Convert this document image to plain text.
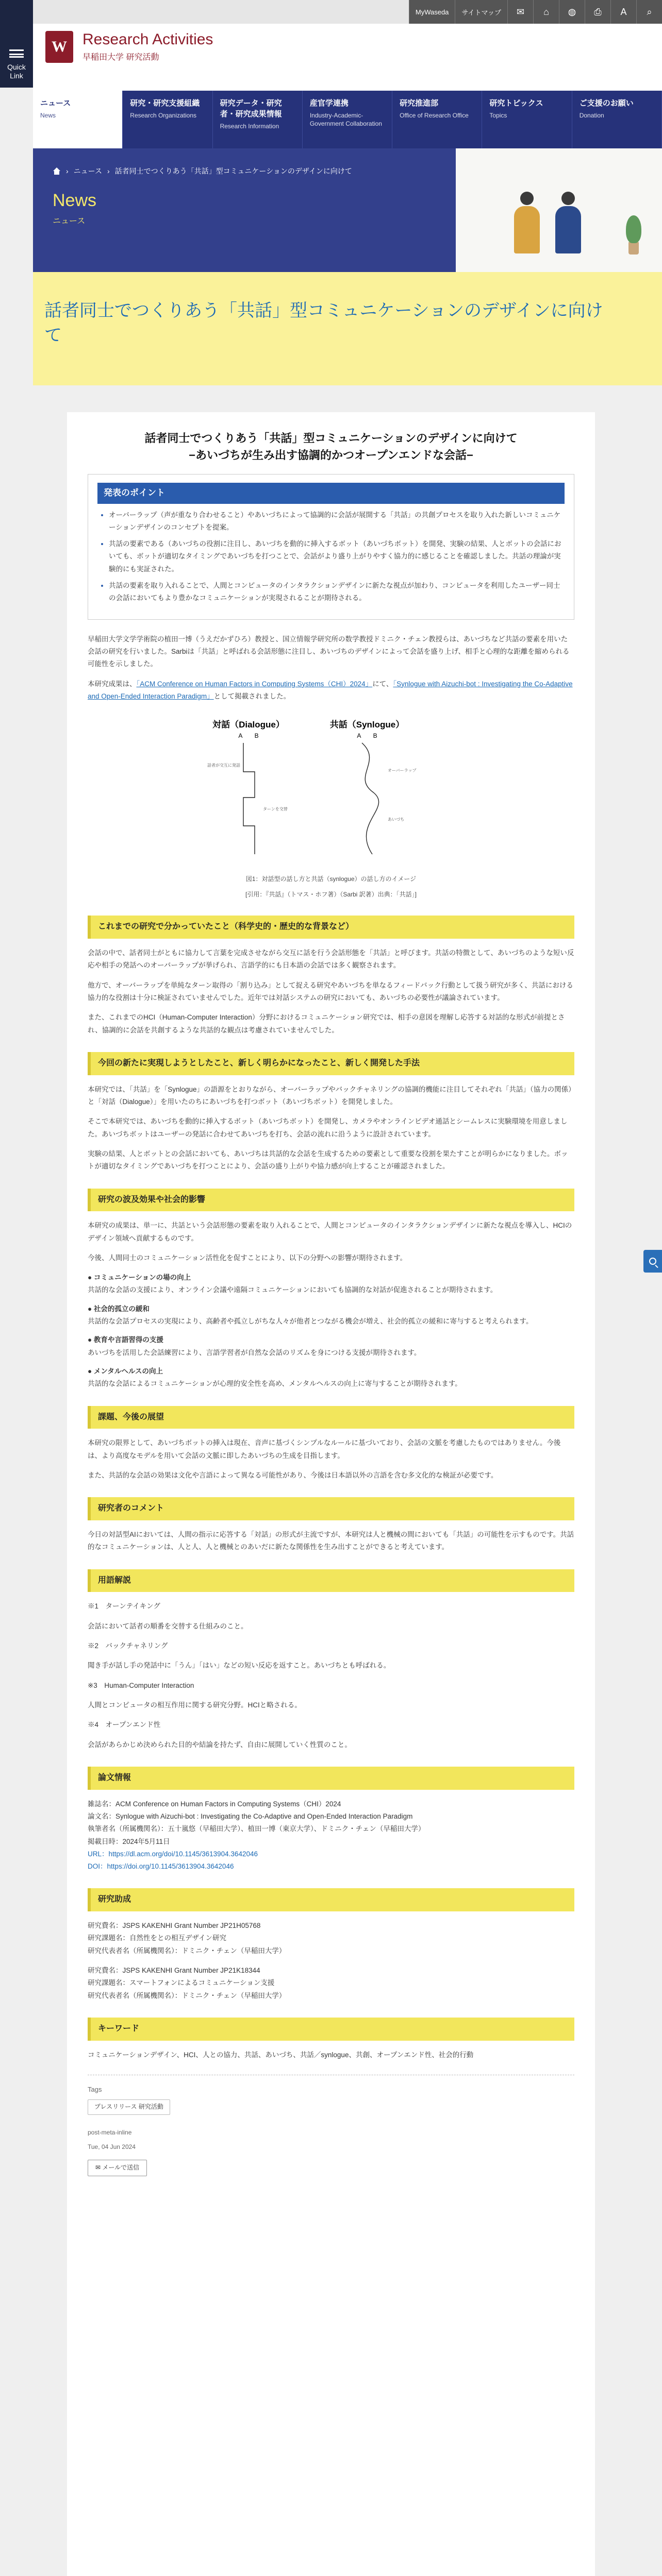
MyWaseda	サイトマップ	✉	⌂	◍	⎙	A	⌕
Quick
Link
W	Research Activities
早稲田大学 研究活動
ニュース
News
研究・研究支援組織
Research Organizations
研究データ・研究者・研究成果情報
Research Information
産官学連携
Industry-Academic-Government Collaboration
研究推進部
Office of Research Office
研究トピックス
Topics
ご支援のお願い
Donation
› ニュース › 話者同士でつくりあう「共話」型コミュニケーションのデザインに向けて
News
ニュース
話者同士でつくりあう「共話」型コミュニケーションのデザインに向けて
話者同士でつくりあう「共話」型コミュニケーションのデザインに向けて
−あいづちが生み出す協調的かつオープンエンドな会話−
発表のポイント
• オーバーラップ（声が重なり合わせること）やあいづちによって協調的に会話が展開する「共話」の共創プロセスを取り入れた新しいコミュニケーションデザインのコンセプトを提案。
• 共話の要素である（あいづちの役割に注目し、あいづちを動的に挿入するボット（あいづちボット）を開発、実験の結果、人とボットの会話においても、ボットが適切なタイミングであいづちを打つことで、会話がより盛り上がりやすく協力的に感じることを確認しました。共話の理論が実験的にも実証された。
• 共話の要素を取り入れることで、人間とコンピュータのインタラクションデザインに新たな視点が加わり、コンピュータを利用したユーザー同士の会話においてもより豊かなコミュニケーションが実現されることが期待される。

早稲田大学文学学術院の植田一博（うえだかずひろ）教授と、国立情報学研究所の数学教授ドミニク・チェン教授らは、あいづちなど共話の要素を用いた会話の研究を行いました。Sarbiは「共話」と呼ばれる会話形態に注目し、あいづちのデザインによって会話を盛り上げ、相手と心理的な距離を縮められる可能性を示しました。

本研究成果は、「ACM Conference on Human Factors in Computing Systems（CHI）2024」にて、「Synlogue with Aizuchi-bot : Investigating the Co-Adaptive and Open-Ended Interaction Paradigm」として掲載されました。

対話（Dialogue）	共話（Synlogue）
A　　B	A　　B
話者が交互に発話
ターンを交替
オーバーラップ
あいづち
図1：対話型の話し方と共話（synlogue）の話し方のイメージ
[引用：『共話』（トマス・ホフ著）（Sarbi 訳著）出典：「共話」]
これまでの研究で分かっていたこと（科学史的・歴史的な背景など）

会話の中で、話者同士がともに協力して言葉を完成させながら交互に話を行う会話形態を「共話」と呼びます。共話の特徴として、あいづちのような短い反応や相手の発話へのオーバーラップが挙げられ、言語学的にも日本語の会話では多く観察されます。

他方で、オーバーラップを単純なターン取得の「割り込み」として捉える研究やあいづちを単なるフィードバック行動として扱う研究が多く、共話における協力的な役割は十分に検証されていませんでした。近年では対話システムの研究においても、あいづちの必要性が議論されています。

また、これまでのHCI（Human-Computer Interaction）分野におけるコミュニケーション研究では、相手の意図を理解し応答する対話的な形式が前提とされ、協調的に会話を共創するような共話的な観点は考慮されていませんでした。

今回の新たに実現しようとしたこと、新しく明らかになったこと、新しく開発した手法

本研究では、「共話」を「Synlogue」の語源をとおりながら、オーバーラップやバックチャネリングの協調的機能に注目してそれぞれ「共話」（協力の関係）と「対話（Dialogue）」を用いたのちにあいづちを打つボット（あいづちボット）を開発しました。

そこで本研究では、あいづちを動的に挿入するボット（あいづちボット）を開発し、カメラやオンラインビデオ通話とシームレスに実験環境を用意しました。あいづちボットはユーザーの発話に合わせてあいづちを打ち、会話の流れに沿うように設計されています。

実験の結果、人とボットとの会話においても、あいづちは共話的な会話を生成するための要素として重要な役割を果たすことが明らかになりました。ボットが適切なタイミングであいづちを打つことにより、会話の盛り上がりや協力感が向上することが確認されました。

研究の波及効果や社会的影響

本研究の成果は、単一に、共話という会話形態の要素を取り入れることで、人間とコンピュータのインタラクションデザインに新たな視点を導入し、HCIのデザイン領域へ貢献するものです。

今後、人間同士のコミュニケーション活性化を促すことにより、以下の分野への影響が期待されます。

● コミュニケーションの場の向上
共話的な会話の支援により、オンライン会議や遠隔コミュニケーションにおいても協調的な対話が促進されることが期待されます。
● 社会的孤立の緩和
共話的な会話プロセスの実現により、高齢者や孤立しがちな人々が他者とつながる機会が増え、社会的孤立の緩和に寄与すると考えられます。
● 教育や言語習得の支援
あいづちを活用した会話練習により、言語学習者が自然な会話のリズムを身につける支援が期待されます。
● メンタルヘルスの向上
共話的な会話によるコミュニケーションが心理的安全性を高め、メンタルヘルスの向上に寄与することが期待されます。
課題、今後の展望

本研究の限界として、あいづちボットの挿入は現在、音声に基づくシンプルなルールに基づいており、会話の文脈を考慮したものではありません。今後は、より高度なモデルを用いて会話の文脈に即したあいづちの生成を目指します。

また、共話的な会話の効果は文化や言語によって異なる可能性があり、今後は日本語以外の言語を含む多文化的な検証が必要です。

研究者のコメント

今日の対話型AIにおいては、人間の指示に応答する「対話」の形式が主流ですが、本研究は人と機械の間においても「共話」の可能性を示すものです。共話的なコミュニケーションは、人と人、人と機械とのあいだに新たな関係性を生み出すことができると考えています。

用語解説
※1　ターンテイキング
会話において話者の順番を交替する仕組みのこと。
※2　バックチャネリング
聞き手が話し手の発話中に「うん」「はい」などの短い反応を返すこと。あいづちとも呼ばれる。
※3　Human-Computer Interaction
人間とコンピュータの相互作用に関する研究分野。HCIと略される。
※4　オープンエンド性
会話があらかじめ決められた目的や結論を持たず、自由に展開していく性質のこと。
論文情報
雑誌名：ACM Conference on Human Factors in Computing Systems（CHI）2024
論文名：Synlogue with Aizuchi-bot : Investigating the Co-Adaptive and Open-Ended Interaction Paradigm
執筆者名（所属機関名）：五十嵐悠（早稲田大学）、植田一博（東京大学）、ドミニク・チェン（早稲田大学）
掲載日時：2024年5月11日
URL：https://dl.acm.org/doi/10.1145/3613904.3642046
DOI：https://doi.org/10.1145/3613904.3642046
研究助成
研究費名：JSPS KAKENHI Grant Number JP21H05768
研究課題名：自然性をとの相互デザイン研究
研究代表者名（所属機関名）：ドミニク・チェン（早稲田大学）
研究費名：JSPS KAKENHI Grant Number JP21K18344
研究課題名：スマートフォンによるコミュニケーション支援
研究代表者名（所属機関名）：ドミニク・チェン（早稲田大学）
キーワード

コミュニケーションデザイン、HCI、人との協力、共話、あいづち、共話／synlogue、共創、オープンエンド性、社会的行動

Tags
プレスリリース 研究活動
post-meta-inline
Tue, 04 Jun 2024
✉ メールで送信
